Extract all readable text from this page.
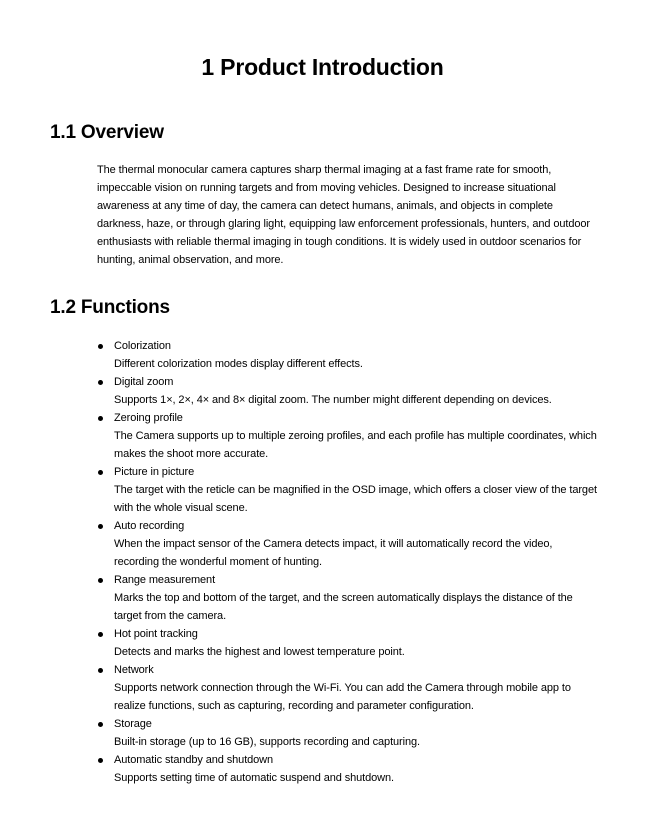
1 Product Introduction
1.1 Overview

The thermal monocular camera captures sharp thermal imaging at a fast frame rate for smooth, impeccable vision on running targets and from moving vehicles. Designed to increase situational awareness at any time of day, the camera can detect humans, animals, and objects in complete darkness, haze, or through glaring light, equipping law enforcement professionals, hunters, and outdoor enthusiasts with reliable thermal imaging in tough conditions. It is widely used in outdoor scenarios for hunting, animal observation, and more.

1.2 Functions
Colorization
Different colorization modes display different effects.
Digital zoom
Supports 1×, 2×, 4× and 8× digital zoom. The number might different depending on devices.
Zeroing profile
The Camera supports up to multiple zeroing profiles, and each profile has multiple coordinates, which makes the shoot more accurate.
Picture in picture
The target with the reticle can be magnified in the OSD image, which offers a closer view of the target with the whole visual scene.
Auto recording
When the impact sensor of the Camera detects impact, it will automatically record the video, recording the wonderful moment of hunting.
Range measurement
Marks the top and bottom of the target, and the screen automatically displays the distance of the target from the camera.
Hot point tracking
Detects and marks the highest and lowest temperature point.
Network
Supports network connection through the Wi-Fi. You can add the Camera through mobile app to realize functions, such as capturing, recording and parameter configuration.
Storage
Built-in storage (up to 16 GB), supports recording and capturing.
Automatic standby and shutdown
Supports setting time of automatic suspend and shutdown.
